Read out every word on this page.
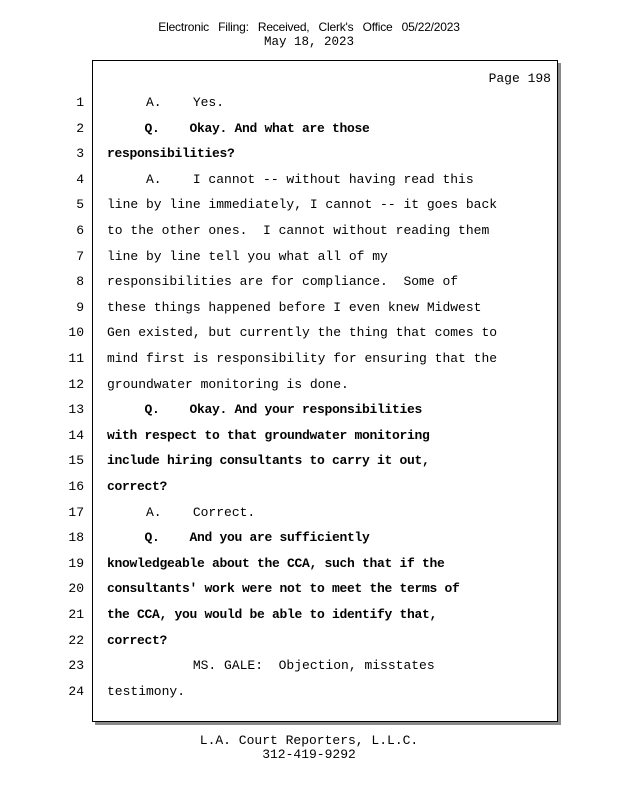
Electronic Filing: Received, Clerk's Office 05/22/2023
May 18, 2023
Page 198
1 A.    Yes.
2 Q.    Okay. And what are those
3 responsibilities?
4 A.    I cannot -- without having read this
5 line by line immediately, I cannot -- it goes back
6 to the other ones.  I cannot without reading them
7 line by line tell you what all of my
8 responsibilities are for compliance.  Some of
9 these things happened before I even knew Midwest
10 Gen existed, but currently the thing that comes to
11 mind first is responsibility for ensuring that the
12 groundwater monitoring is done.
13 Q.    Okay. And your responsibilities
14 with respect to that groundwater monitoring
15 include hiring consultants to carry it out,
16 correct?
17 A.    Correct.
18 Q.    And you are sufficiently
19 knowledgeable about the CCA, such that if the
20 consultants' work were not to meet the terms of
21 the CCA, you would be able to identify that,
22 correct?
23 MS. GALE:  Objection, misstates
24 testimony.
L.A. Court Reporters, L.L.C.
312-419-9292
